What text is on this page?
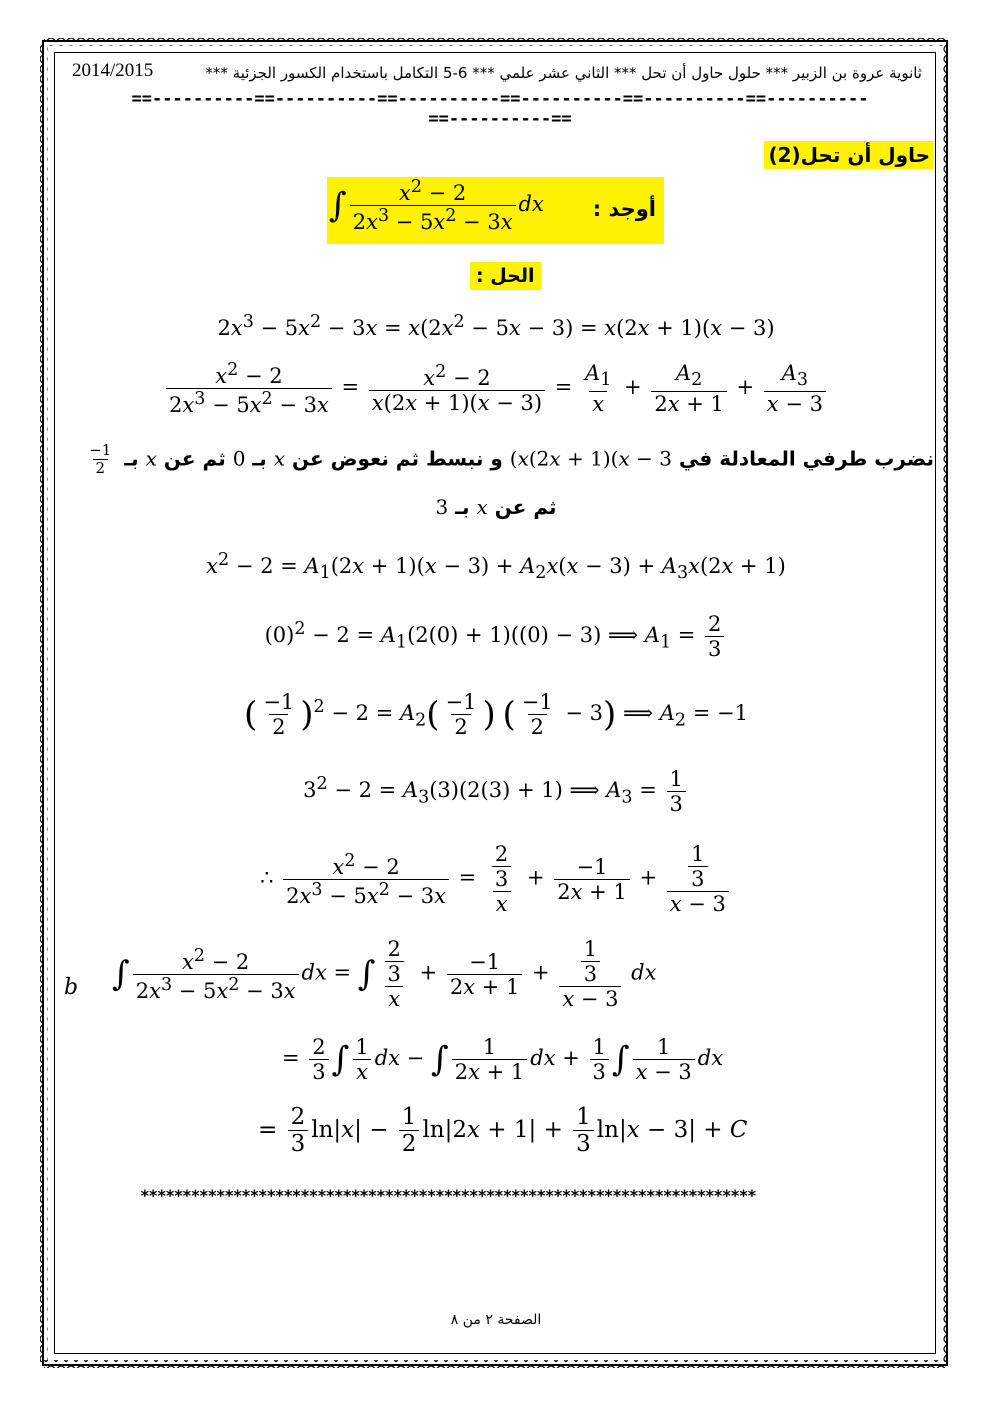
2014/2015	ثانوية عروة بن الزبير *** حلول حاول أن تحل *** الثاني عشر علمي *** 6-5 التكامل باستخدام الكسور الجزئية ***
==----------==----------==----------==----------==----------==----------==----------==
حاول أن تحل(2)
أوجد :
∫ $\frac{x^2 - 2}{2x^3 - 5x^2 - 3x}$ dx
الحل :
$2x^3 - 5x^2 - 3x = x(2x^2 - 5x - 3) = x(2x + 1)(x - 3)$
$\frac{x^2 - 2}{2x^3 - 5x^2 - 3x} = \frac{x^2 - 2}{x(2x + 1)(x - 3)} = \frac{A_1}{x} + \frac{A_2}{2x + 1} + \frac{A_3}{x - 3}$
نضرب طرفي المعادلة في (x(2x + 1)(x − 3 و نبسط ثم نعوض عن x بـ 0 ثم عن x بـ
$\frac{-1}{2}$
ثم عن x بـ 3
$x^2 - 2 = A_1(2x + 1)(x - 3) + A_2x(x - 3) + A_3x(2x + 1)$
$(0)^2 - 2 = A_1(2(0) + 1)((0) - 3)$ ⟹ $A_1 = \frac{2}{3}$
( $\frac{-1}{2} )^2 - 2 = A_2( \frac{-1}{2}$ ) ( $\frac{-1}{2} - 3$) ⟹ $A_2 = -1$
$3^2 - 2 = A_3(3)(2(3) + 1)$ ⟹ $A_3 = \frac{1}{3}$
∴ $\frac{x^2 - 2}{2x^3 - 5x^2 - 3x} = \frac{\frac{2}{3}}{x} + \frac{-1}{2x + 1} + \frac{\frac{1}{3}}{x - 3}$
b ∫ $\frac{x^2 - 2}{2x^3 - 5x^2 - 3x}$ dx = ∫ $\frac{\frac{2}{3}}{x} + \frac{-1}{2x + 1} + \frac{\frac{1}{3}}{x - 3}$ dx
= $\frac{2}{3}$ ∫ $\frac{1}{x}$ dx − ∫ $\frac{1}{2x + 1}$ dx + $\frac{1}{3}$ ∫ $\frac{1}{x - 3}$ dx
= $\frac{2}{3} \ln|x| - \frac{1}{2} \ln|2x + 1| + \frac{1}{3} \ln|x - 3| + C$
*************************************************************************
الصفحة ٢ من ٨
